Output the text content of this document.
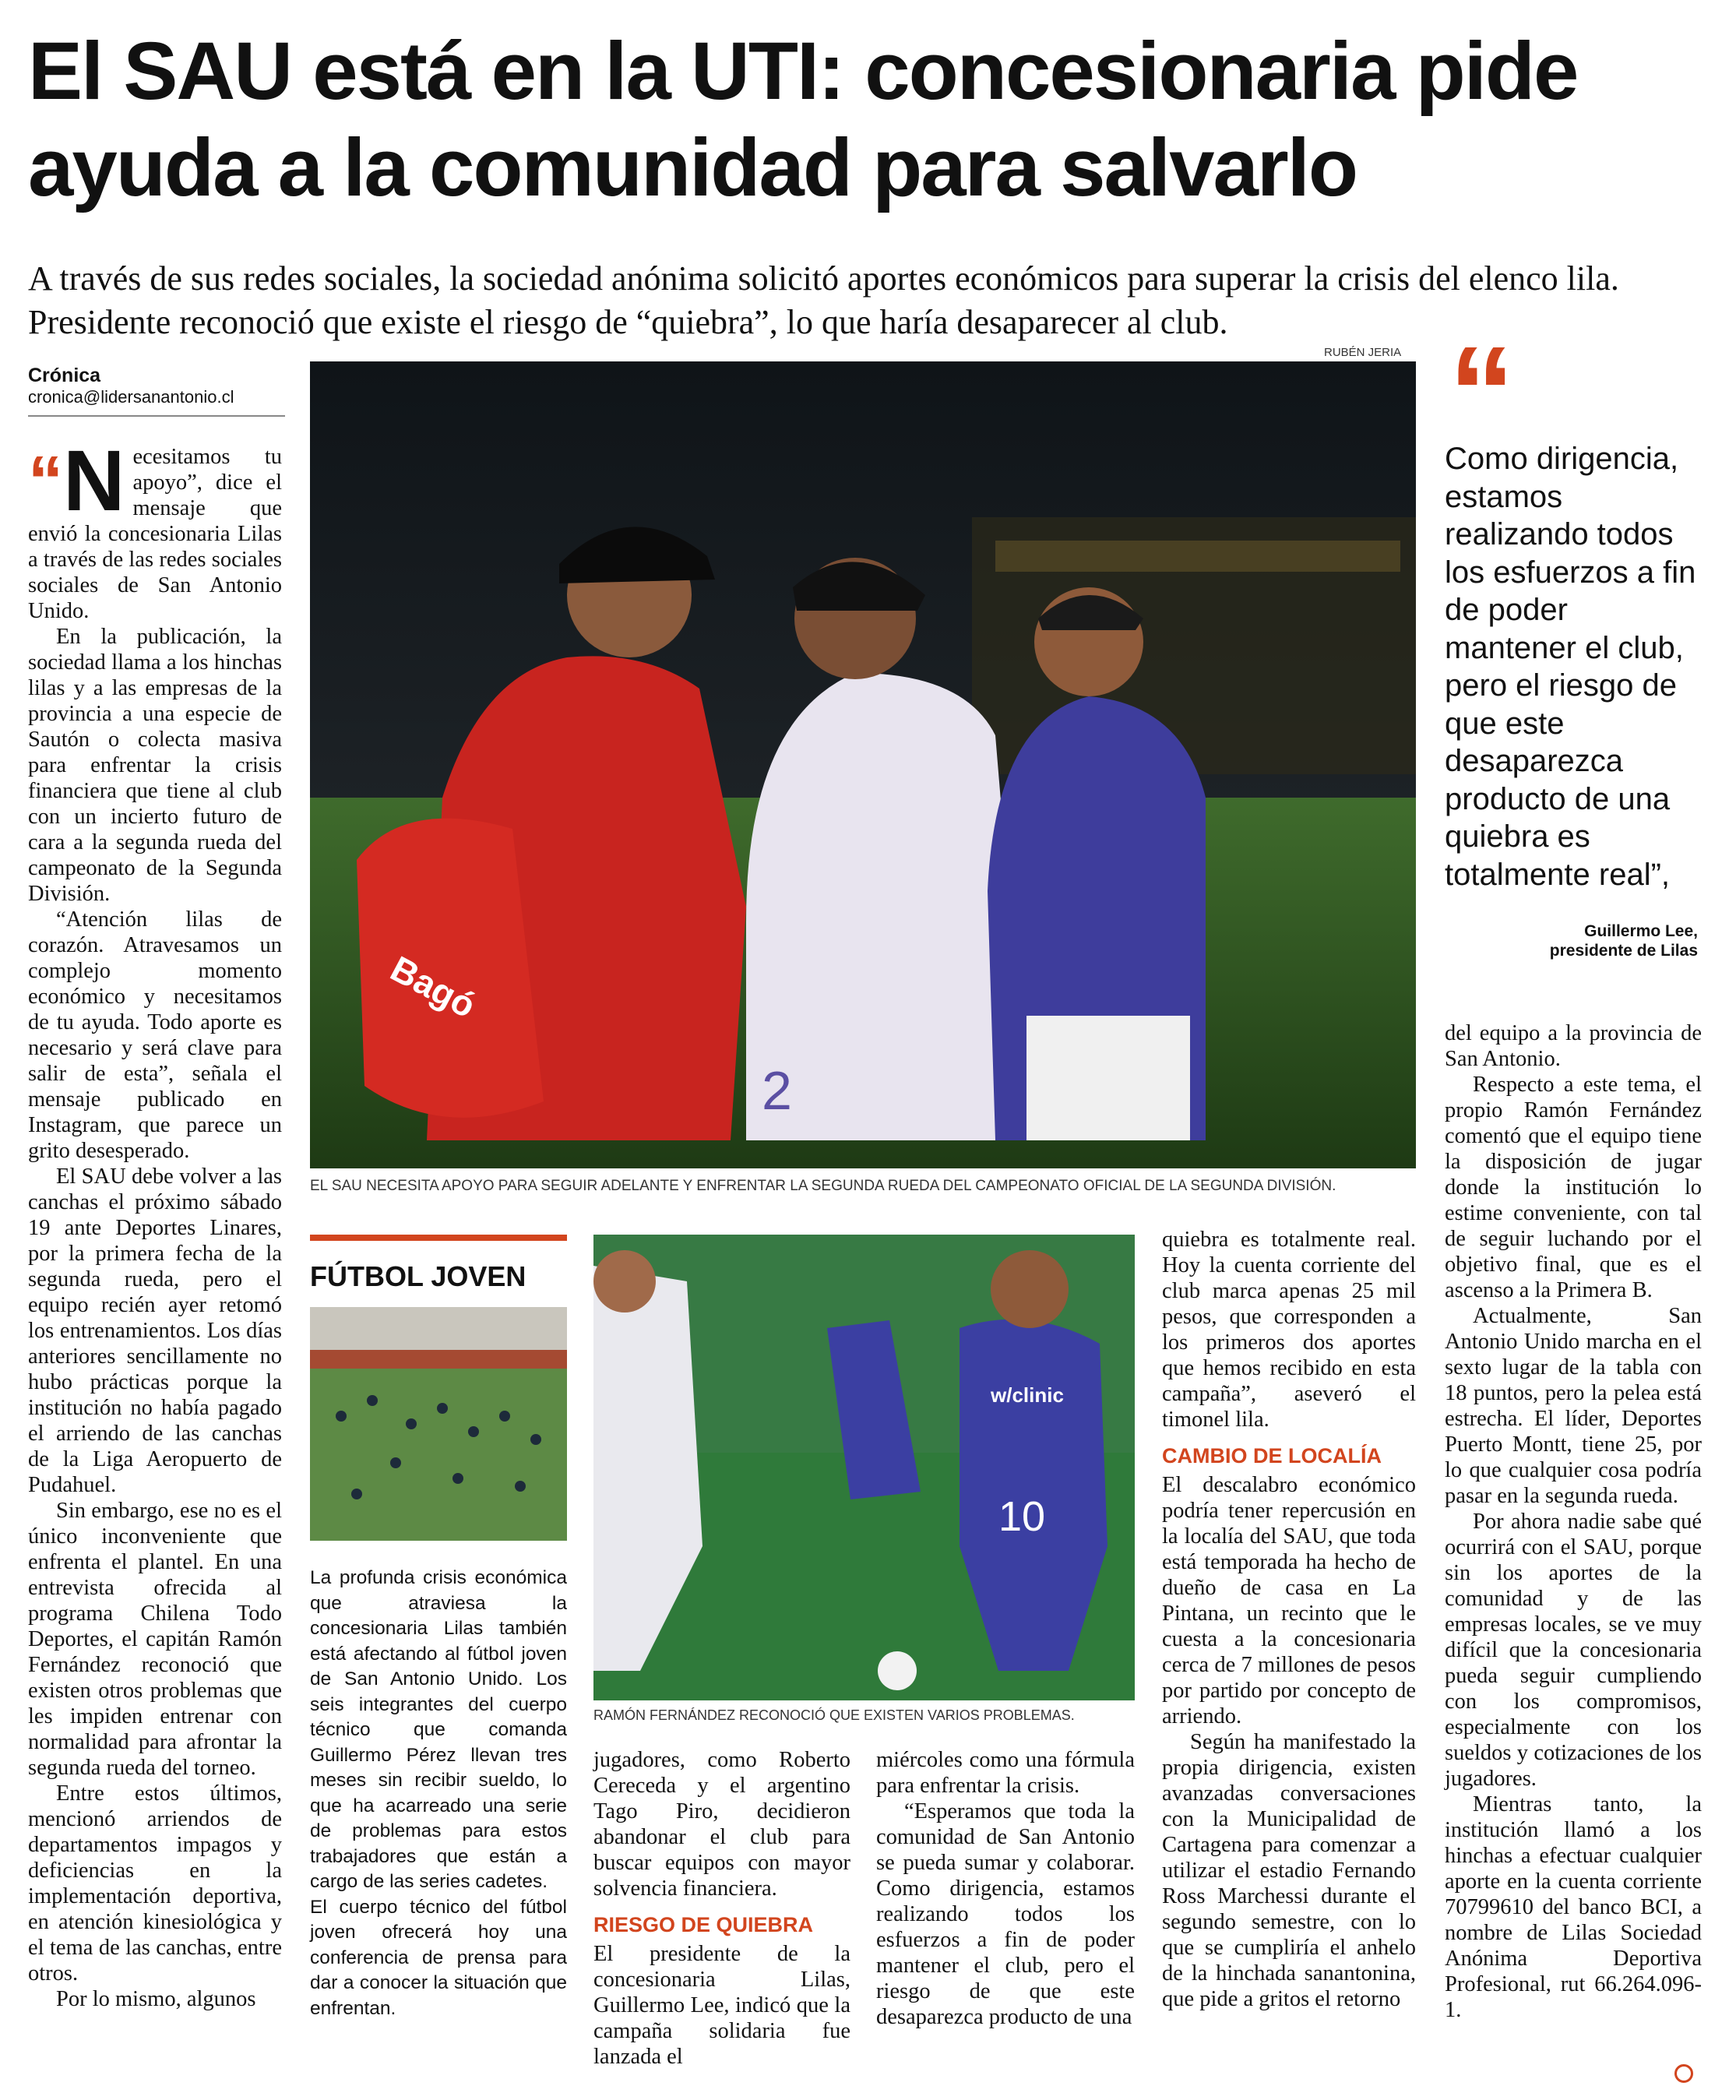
El SAU está en la UTI: concesionaria pide
ayuda a la comunidad para salvarlo

A través de sus redes sociales, la sociedad anónima solicitó aportes económicos para superar la crisis del elenco lila.
Presidente reconoció que existe el riesgo de “quiebra”, lo que haría desaparecer al club.

Crónica
cronica@lidersanantonio.cl
“N ecesitamos tu apoyo”, dice el mensaje que envió la concesionaria Lilas a través de las redes sociales sociales de San Antonio Unido.

En la publicación, la sociedad llama a los hinchas lilas y a las empresas de la provincia a una especie de Sautón o colecta masiva para enfrentar la crisis financiera que tiene al club con un incierto futuro de cara a la segunda rueda del campeonato de la Segunda División.

“Atención lilas de corazón. Atravesamos un complejo momento económico y necesitamos de tu ayuda. Todo aporte es necesario y será clave para salir de esta”, señala el mensaje publicado en Instagram, que parece un grito desesperado.

El SAU debe volver a las canchas el próximo sábado 19 ante Deportes Linares, por la primera fecha de la segunda rueda, pero el equipo recién ayer retomó los entrenamientos. Los días anteriores sencillamente no hubo prácticas porque la institución no había pagado el arriendo de las canchas de la Liga Aeropuerto de Pudahuel.

Sin embargo, ese no es el único inconveniente que enfrenta el plantel. En una entrevista ofrecida al programa Chilena Todo Deportes, el capitán Ramón Fernández reconoció que existen otros problemas que les impiden entrenar con normalidad para afrontar la segunda rueda del torneo.

Entre estos últimos, mencionó arriendos de departamentos impagos y deficiencias en la implementación deportiva, en atención kinesiológica y el tema de las canchas, entre otros.

Por lo mismo, algunos

RUBÉN JERIA
Bagó
2
EL SAU NECESITA APOYO PARA SEGUIR ADELANTE Y ENFRENTAR LA SEGUNDA RUEDA DEL CAMPEONATO OFICIAL DE LA SEGUNDA DIVISIÓN.
FÚTBOL JOVEN

La profunda crisis económica que atraviesa la concesionaria Lilas también está afectando al fútbol joven de San Antonio Unido. Los seis integrantes del cuerpo técnico que comanda Guillermo Pérez llevan tres meses sin recibir sueldo, lo que ha acarreado una serie de problemas para estos trabajadores que están a cargo de las series cadetes.

El cuerpo técnico del fútbol joven ofrecerá hoy una conferencia de prensa para dar a conocer la situación que enfrentan.

10
w/clinic
RAMÓN FERNÁNDEZ RECONOCIÓ QUE EXISTEN VARIOS PROBLEMAS.

jugadores, como Roberto Cereceda y el argentino Tago Piro, decidieron abandonar el club para buscar equipos con mayor solvencia financiera.

RIESGO DE QUIEBRA

El presidente de la concesionaria Lilas, Guillermo Lee, indicó que la campaña solidaria fue lanzada el

miércoles como una fórmula para enfrentar la crisis.

“Esperamos que toda la comunidad de San Antonio se pueda sumar y colaborar. Como dirigencia, estamos realizando todos los esfuerzos a fin de poder mantener el club, pero el riesgo de que este desaparezca producto de una

quiebra es totalmente real. Hoy la cuenta corriente del club marca apenas 25 mil pesos, que corresponden a los primeros dos aportes que hemos recibido en esta campaña”, aseveró el timonel lila.

CAMBIO DE LOCALÍA

El descalabro económico podría tener repercusión en la localía del SAU, que toda está temporada ha hecho de dueño de casa en La Pintana, un recinto que le cuesta a la concesionaria cerca de 7 millones de pesos por partido por concepto de arriendo.

Según ha manifestado la propia dirigencia, existen avanzadas conversaciones con la Municipalidad de Cartagena para comenzar a utilizar el estadio Fernando Ross Marchessi durante el segundo semestre, con lo que se cumpliría el anhelo de la hinchada sanantonina, que pide a gritos el retorno

“
Como dirigencia, estamos realizando todos los esfuerzos a fin de poder mantener el club, pero el riesgo de que este desaparezca producto de una quiebra es totalmente real”,
Guillermo Lee,
presidente de Lilas

del equipo a la provincia de San Antonio.

Respecto a este tema, el propio Ramón Fernández comentó que el equipo tiene la disposición de jugar donde la institución lo estime conveniente, con tal de seguir luchando por el objetivo final, que es el ascenso a la Primera B.

Actualmente, San Antonio Unido marcha en el sexto lugar de la tabla con 18 puntos, pero la pelea está estrecha. El líder, Deportes Puerto Montt, tiene 25, por lo que cualquier cosa podría pasar en la segunda rueda.

Por ahora nadie sabe qué ocurrirá con el SAU, porque sin los aportes de la comunidad y de las empresas locales, se ve muy difícil que la concesionaria pueda seguir cumpliendo con los compromisos, especialmente con los sueldos y cotizaciones de los jugadores.

Mientras tanto, la institución llamó a los hinchas a efectuar cualquier aporte en la cuenta corriente 70799610 del banco BCI, a nombre de Lilas Sociedad Anónima Deportiva Profesional, rut 66.264.096-1.
